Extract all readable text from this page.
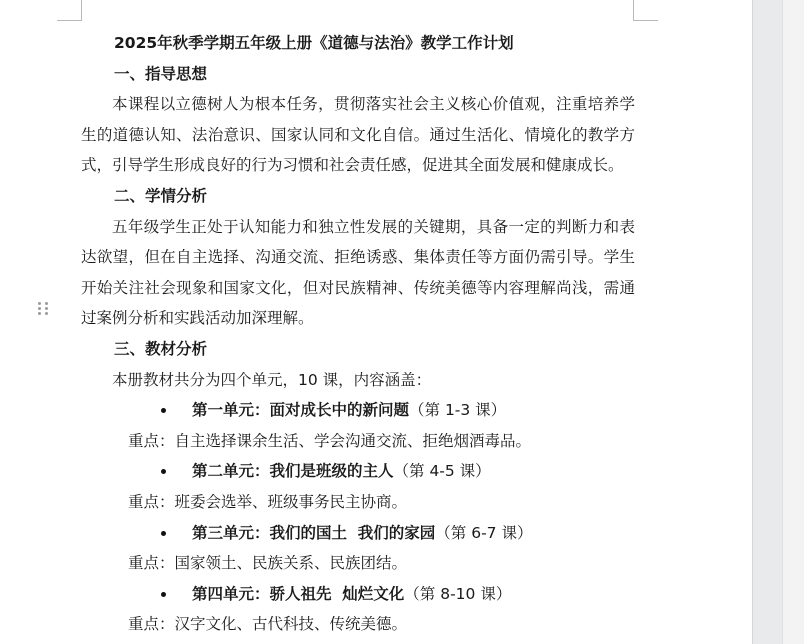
2025年秋季学期五年级上册《道德与法治》教学工作计划
一、指导思想
本课程以立德树人为根本任务，贯彻落实社会主义核心价值观，注重培养学
生的道德认知、法治意识、国家认同和文化自信。通过生活化、情境化的教学方
式，引导学生形成良好的行为习惯和社会责任感，促进其全面发展和健康成长。
二、学情分析
五年级学生正处于认知能力和独立性发展的关键期，具备一定的判断力和表
达欲望，但在自主选择、沟通交流、拒绝诱惑、集体责任等方面仍需引导。学生
开始关注社会现象和国家文化，但对民族精神、传统美德等内容理解尚浅，需通
过案例分析和实践活动加深理解。
三、教材分析
本册教材共分为四个单元，10 课，内容涵盖：
第一单元：面对成长中的新问题（第 1-3 课）
重点：自主选择课余生活、学会沟通交流、拒绝烟酒毒品。
第二单元：我们是班级的主人（第 4-5 课）
重点：班委会选举、班级事务民主协商。
第三单元：我们的国土  我们的家园（第 6-7 课）
重点：国家领土、民族关系、民族团结。
第四单元：骄人祖先  灿烂文化（第 8-10 课）
重点：汉字文化、古代科技、传统美德。
